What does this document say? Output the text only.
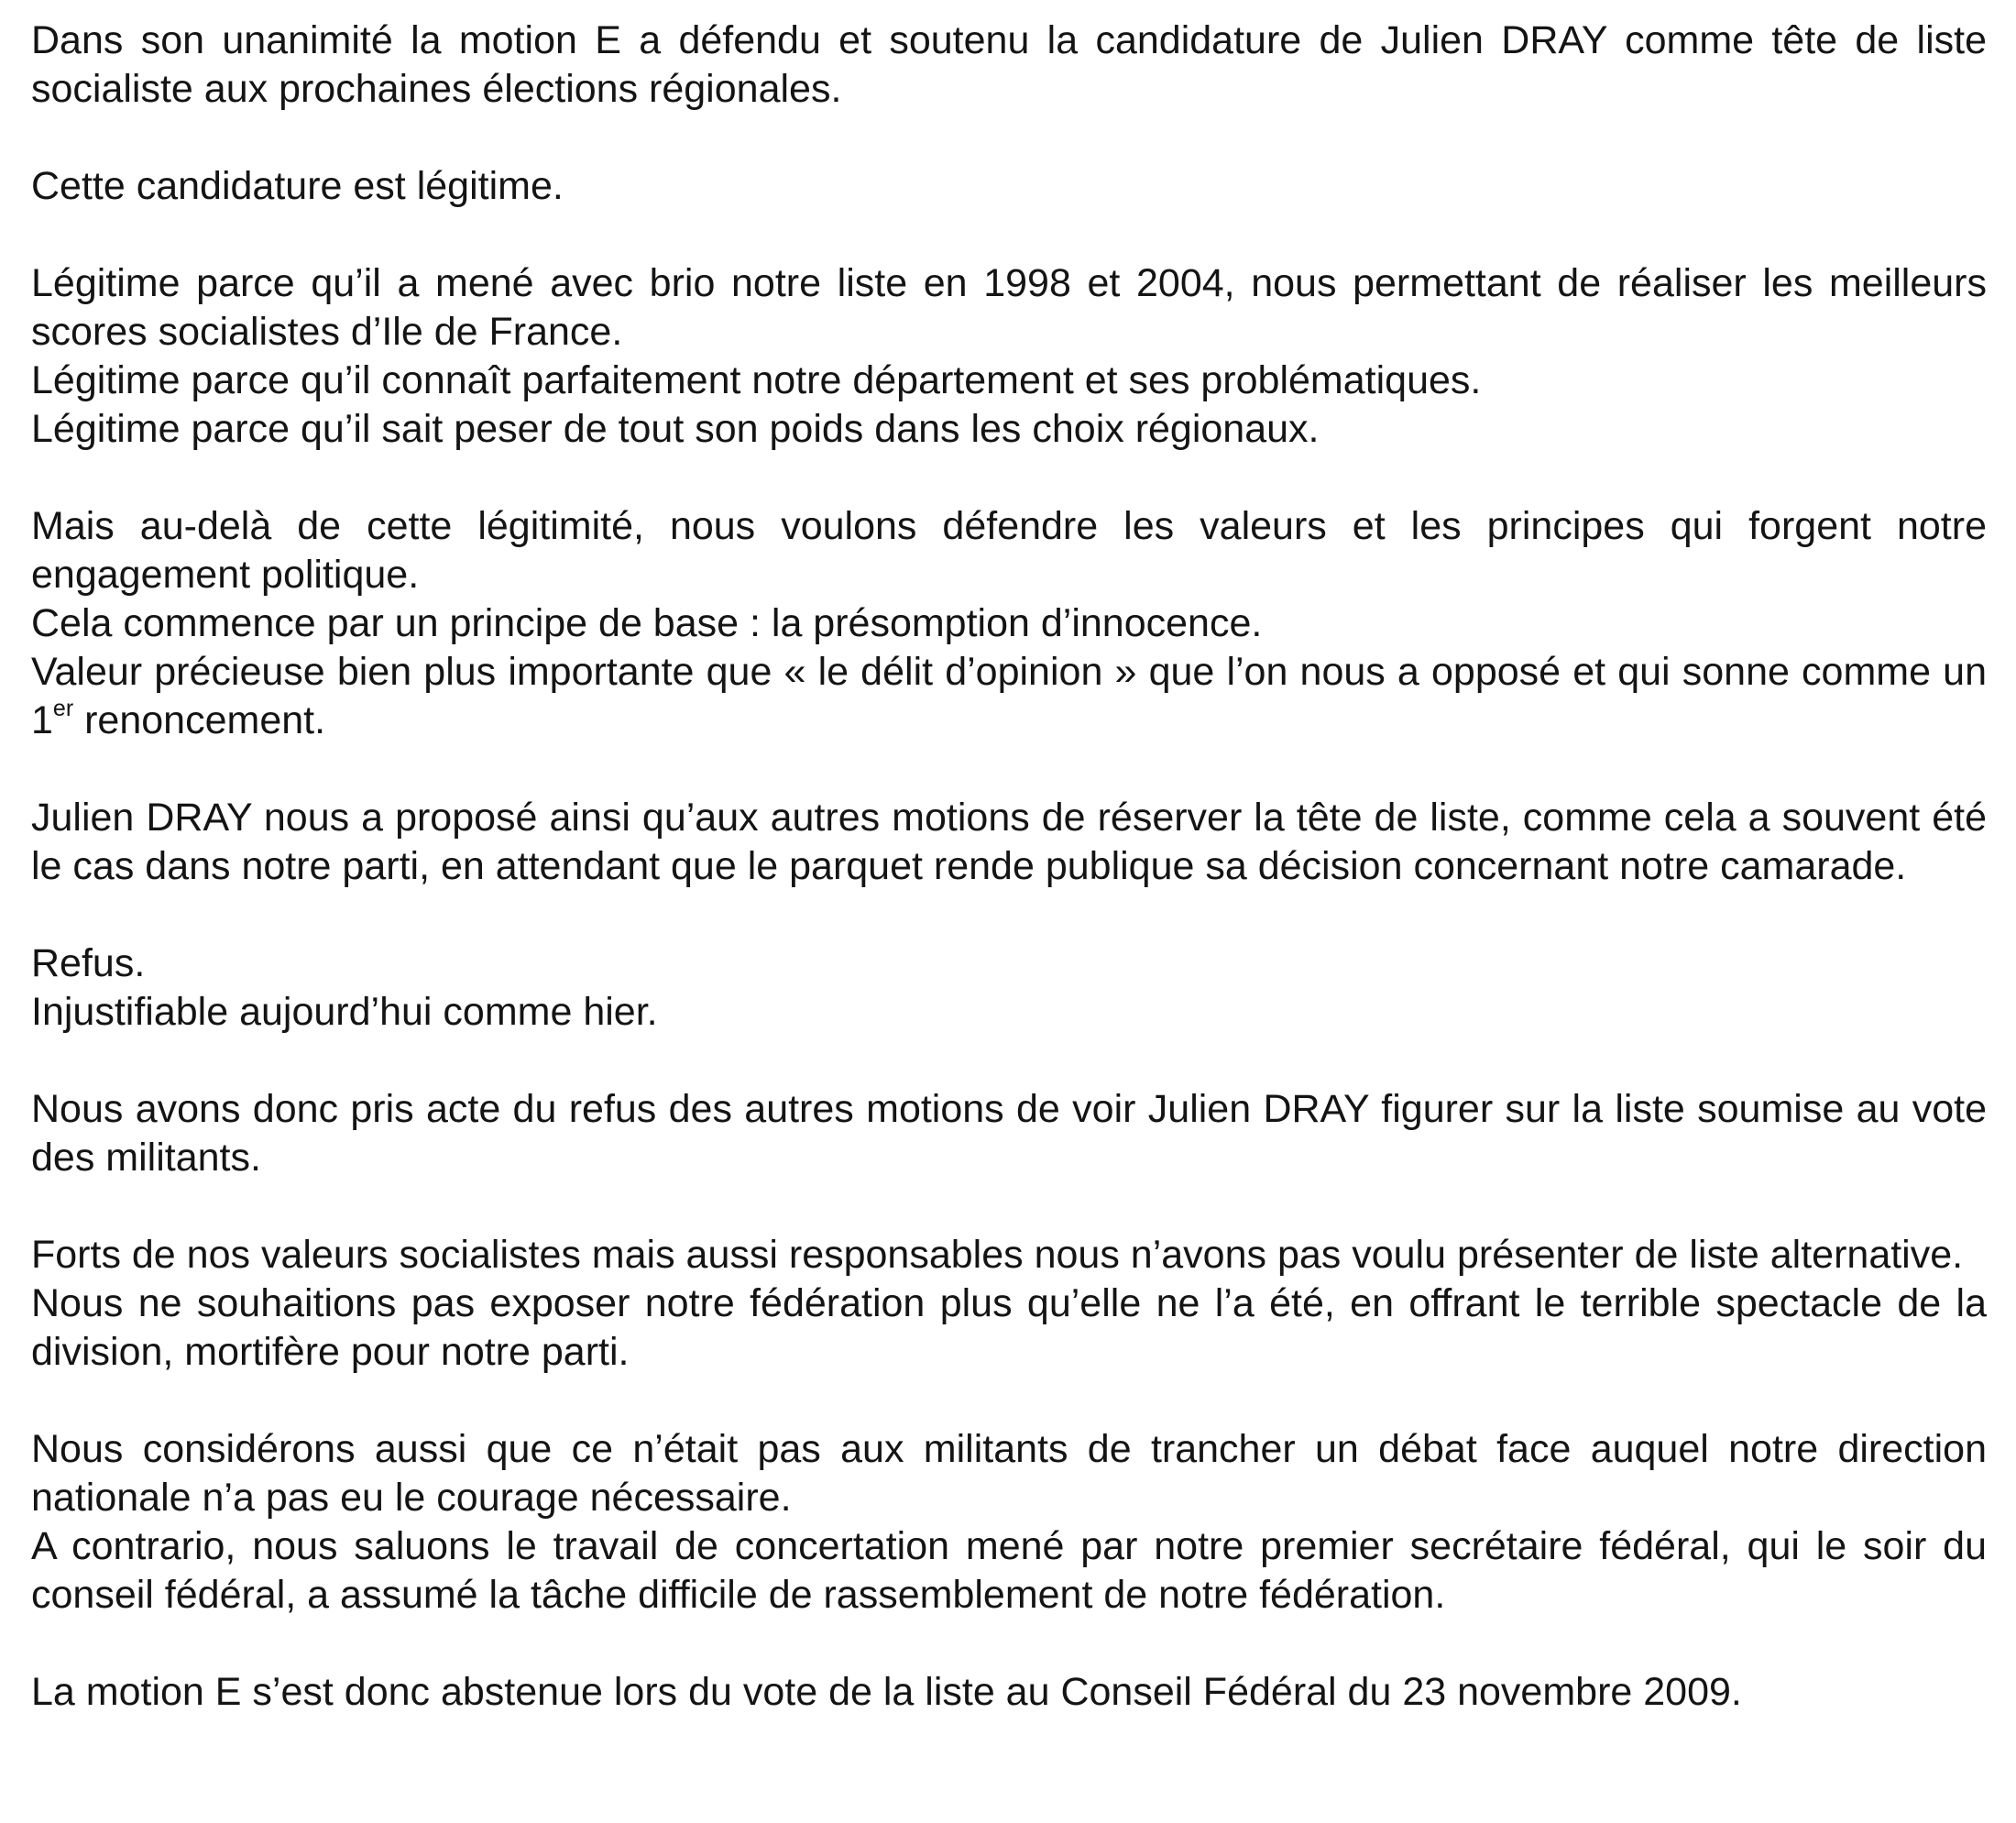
Dans son unanimité la motion E a défendu et soutenu la candidature de Julien DRAY comme tête de liste socialiste aux prochaines élections régionales.

Cette candidature est légitime.

Légitime parce qu’il a mené avec brio notre liste en 1998 et 2004, nous permettant de réaliser les meilleurs scores socialistes d’Ile de France.

Légitime parce qu’il connaît parfaitement notre département et ses problématiques.

Légitime parce qu’il sait peser de tout son poids dans les choix régionaux.

Mais au-delà de cette légitimité, nous voulons défendre les valeurs et les principes qui forgent notre engagement politique.

Cela commence par un principe de base : la présomption d’innocence.

Valeur précieuse bien plus importante que « le délit d’opinion » que l’on nous a opposé et qui sonne comme un 1er renoncement.

Julien DRAY nous a proposé ainsi qu’aux autres motions de réserver la tête de liste, comme cela a souvent été le cas dans notre parti, en attendant que le parquet rende publique sa décision concernant notre camarade.

Refus.

Injustifiable aujourd’hui comme hier.

Nous avons donc pris acte du refus des autres motions de voir Julien DRAY figurer sur la liste soumise au vote des militants.

Forts de nos valeurs socialistes mais aussi responsables nous n’avons pas voulu présenter de liste alternative.

Nous ne souhaitions pas exposer notre fédération plus qu’elle ne l’a été, en offrant le terrible spectacle de la division, mortifère pour notre parti.

Nous considérons aussi que ce n’était pas aux militants de trancher un débat face auquel notre direction nationale n’a pas eu le courage nécessaire.

A contrario, nous saluons le travail de concertation mené par notre premier secrétaire fédéral, qui le soir du conseil fédéral, a assumé la tâche difficile de rassemblement de notre fédération.

La motion E s’est donc abstenue lors du vote de la liste au Conseil Fédéral du 23 novembre 2009.
